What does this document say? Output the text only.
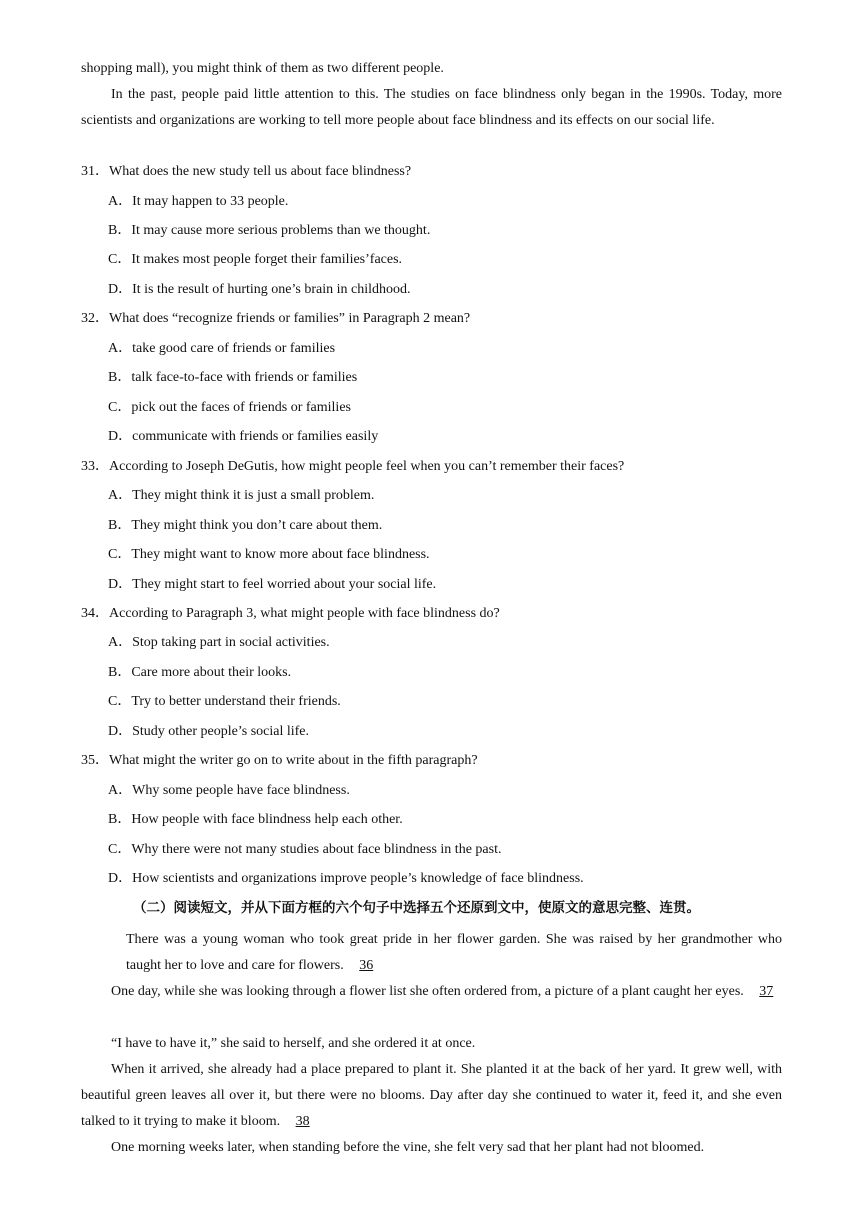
shopping mall), you might think of them as two different people.
In the past, people paid little attention to this. The studies on face blindness only began in the 1990s. Today, more scientists and organizations are working to tell more people about face blindness and its effects on our social life.
31．What does the new study tell us about face blindness?
A．It may happen to 33 people.
B．It may cause more serious problems than we thought.
C．It makes most people forget their families’faces.
D．It is the result of hurting one’s brain in childhood.
32．What does “recognize friends or families” in Paragraph 2 mean?
A．take good care of friends or families
B．talk face-to-face with friends or families
C．pick out the faces of friends or families
D．communicate with friends or families easily
33．According to Joseph DeGutis, how might people feel when you can’t remember their faces?
A．They might think it is just a small problem.
B．They might think you don’t care about them.
C．They might want to know more about face blindness.
D．They might start to feel worried about your social life.
34．According to Paragraph 3, what might people with face blindness do?
A．Stop taking part in social activities.
B．Care more about their looks.
C．Try to better understand their friends.
D．Study other people’s social life.
35．What might the writer go on to write about in the fifth paragraph?
A．Why some people have face blindness.
B．How people with face blindness help each other.
C．Why there were not many studies about face blindness in the past.
D．How scientists and organizations improve people’s knowledge of face blindness.
（二）阅读短文，并从下面方框的六个句子中选择五个还原到文中，使原文的意思完整、连贯。
There was a young woman who took great pride in her flower garden. She was raised by her grandmother who taught her to love and care for flowers. 36
One day, while she was looking through a flower list she often ordered from, a picture of a plant caught her eyes. 37
“I have to have it,” she said to herself, and she ordered it at once.
When it arrived, she already had a place prepared to plant it. She planted it at the back of her yard. It grew well, with beautiful green leaves all over it, but there were no blooms. Day after day she continued to water it, feed it, and she even talked to it trying to make it bloom. 38
One morning weeks later, when standing before the vine, she felt very sad that her plant had not bloomed.
